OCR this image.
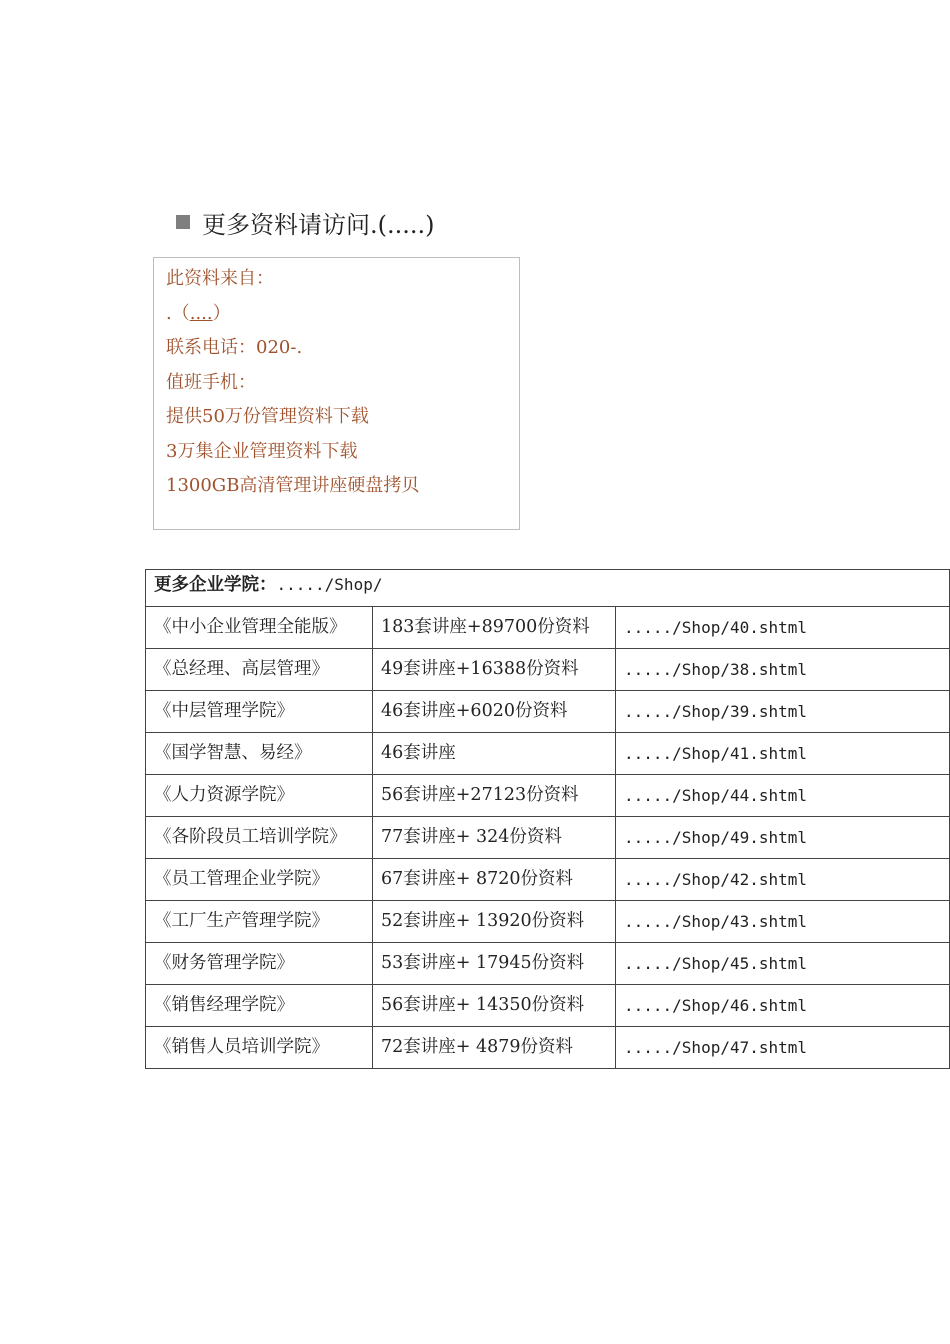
更多资料请访问.(.....)
此资料来自：
.（....）
联系电话：020-.
值班手机：
提供50万份管理资料下载
3万集企业管理资料下载
1300GB高清管理讲座硬盘拷贝
更多企业学院：...../Shop/		
《中小企业管理全能版》	183套讲座+89700份资料	...../Shop/40.shtml
《总经理、高层管理》	49套讲座+16388份资料	...../Shop/38.shtml
《中层管理学院》	46套讲座+6020份资料	...../Shop/39.shtml
《国学智慧、易经》	46套讲座	...../Shop/41.shtml
《人力资源学院》	56套讲座+27123份资料	...../Shop/44.shtml
《各阶段员工培训学院》	77套讲座+ 324份资料	...../Shop/49.shtml
《员工管理企业学院》	67套讲座+ 8720份资料	...../Shop/42.shtml
《工厂生产管理学院》	52套讲座+ 13920份资料	...../Shop/43.shtml
《财务管理学院》	53套讲座+ 17945份资料	...../Shop/45.shtml
《销售经理学院》	56套讲座+ 14350份资料	...../Shop/46.shtml
《销售人员培训学院》	72套讲座+ 4879份资料	...../Shop/47.shtml
